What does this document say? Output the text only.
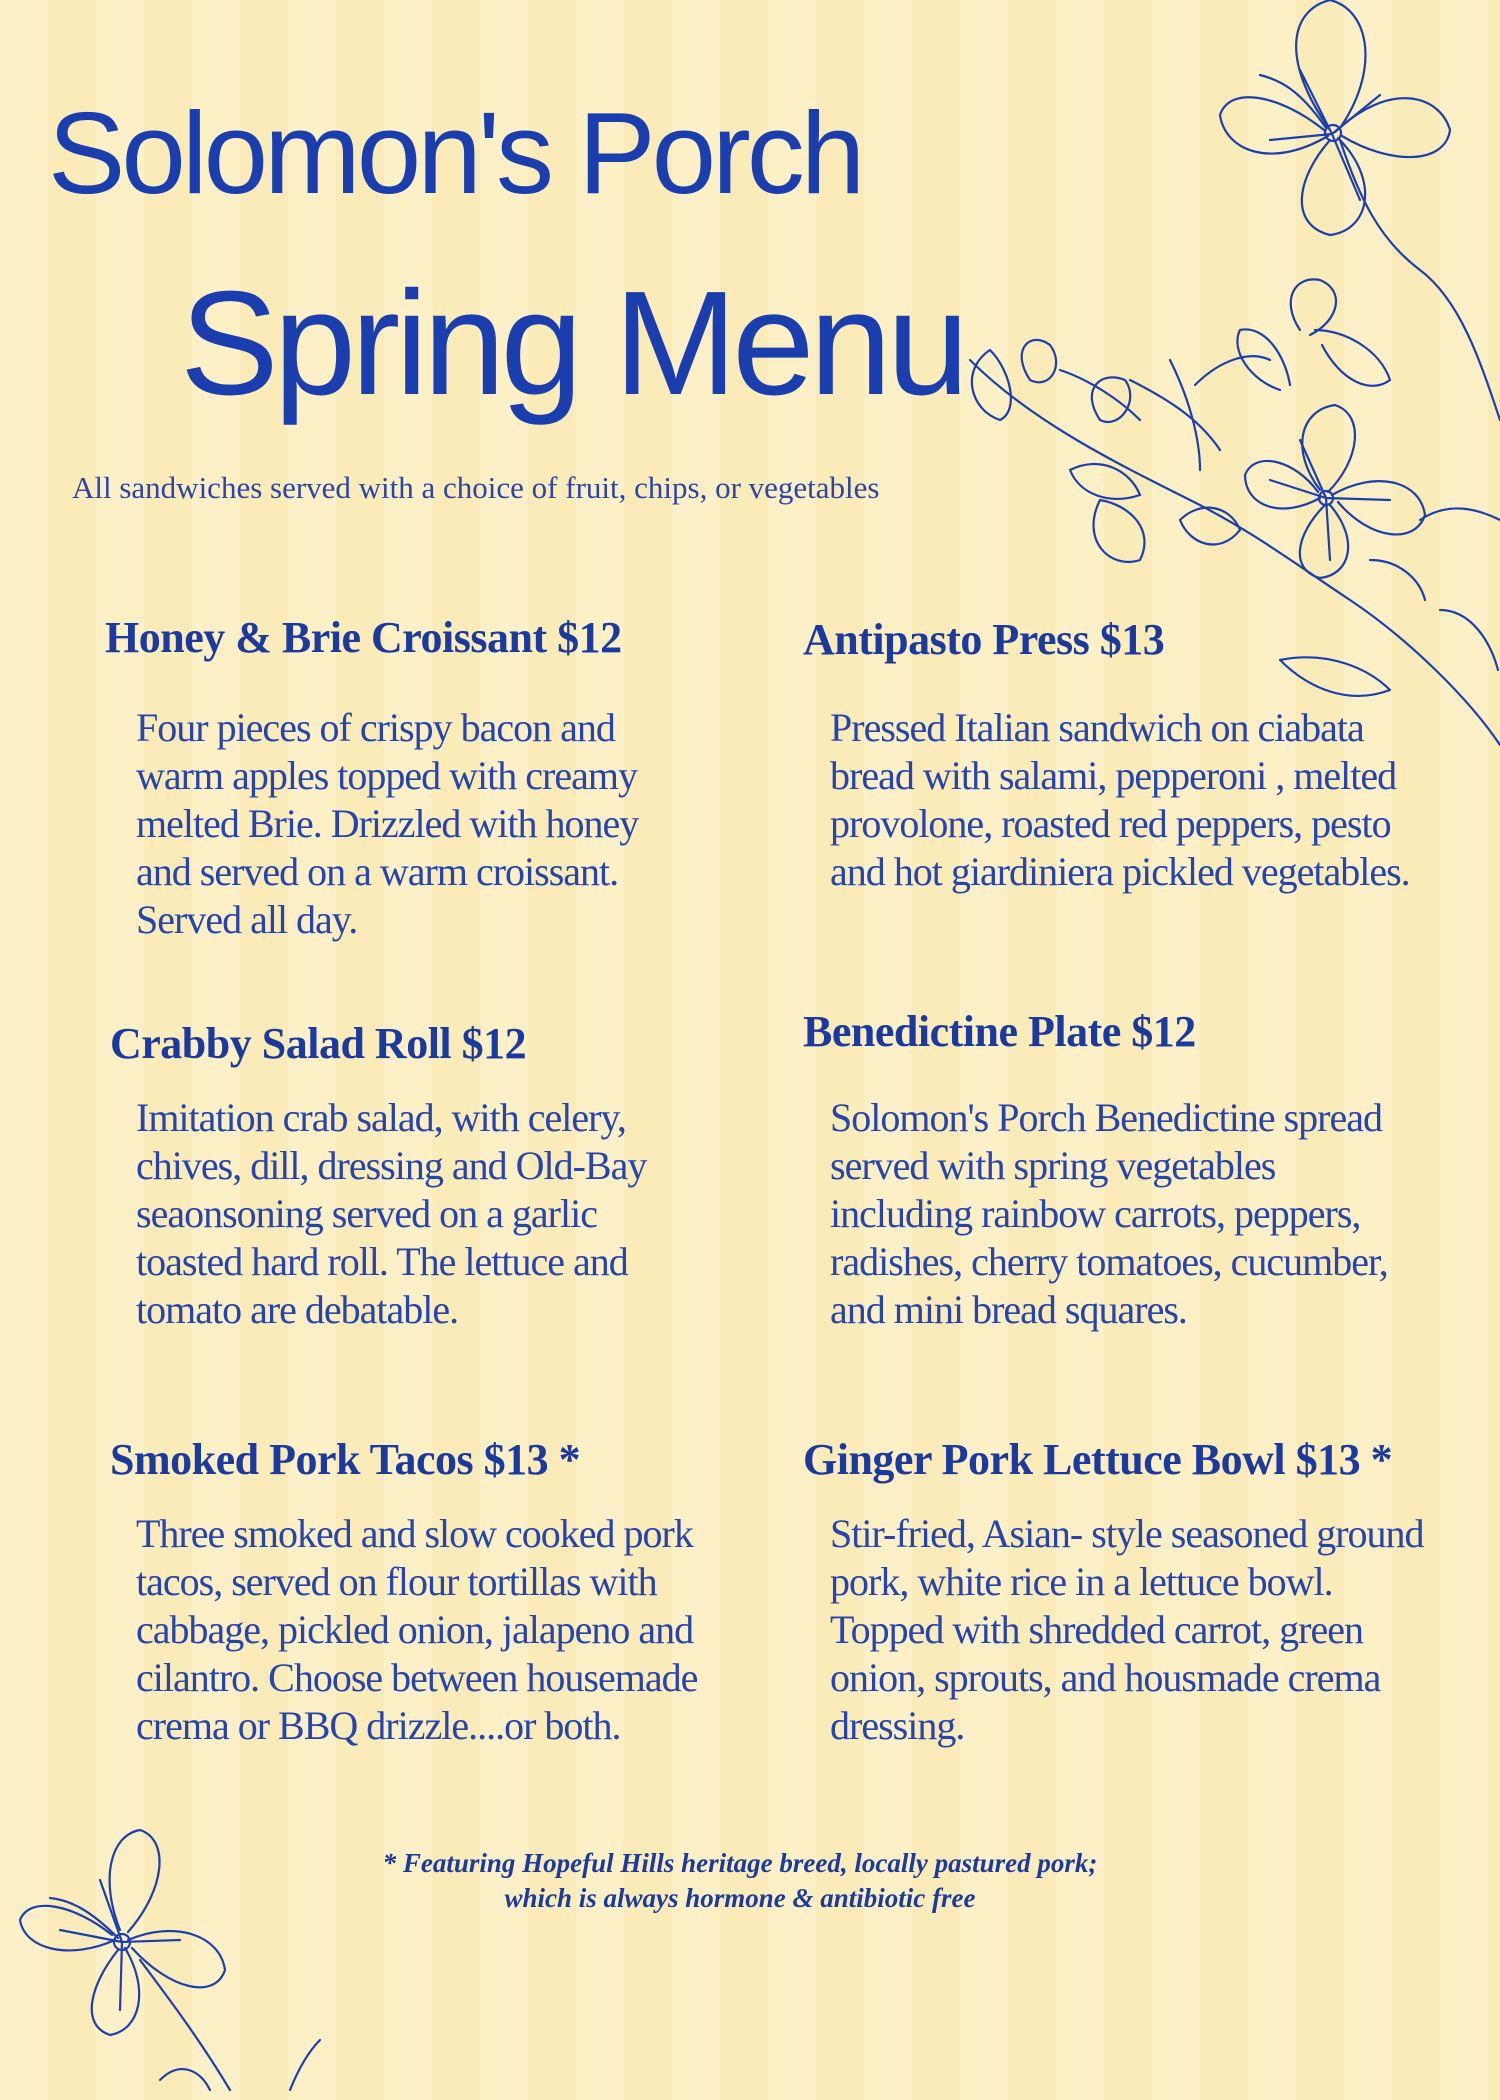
Solomon's Porch
Spring Menu

All sandwiches served with a choice of fruit, chips, or vegetables

Honey & Brie Croissant $12

Four pieces of crispy bacon and warm apples topped with creamy melted Brie. Drizzled with honey and served on a warm croissant. Served all day.

Antipasto Press $13

Pressed Italian sandwich on ciabata bread with salami, pepperoni , melted provolone, roasted red peppers, pesto and hot giardiniera pickled vegetables.

Crabby Salad Roll $12

Imitation crab salad, with celery, chives, dill, dressing and Old-Bay seaonsoning served on a garlic toasted hard roll. The lettuce and tomato are debatable.

Benedictine Plate $12

Solomon's Porch Benedictine spread served with spring vegetables including rainbow carrots, peppers, radishes, cherry tomatoes, cucumber, and mini bread squares.

Smoked Pork Tacos $13 *

Three smoked and slow cooked pork tacos, served on flour tortillas with cabbage, pickled onion, jalapeno and cilantro. Choose between housemade crema or BBQ drizzle....or both.

Ginger Pork Lettuce Bowl $13 *

Stir-fried, Asian- style seasoned ground pork, white rice in a lettuce bowl. Topped with shredded carrot, green onion, sprouts, and housmade crema dressing.

* Featuring Hopeful Hills heritage breed, locally pastured pork;
which is always hormone & antibiotic free
